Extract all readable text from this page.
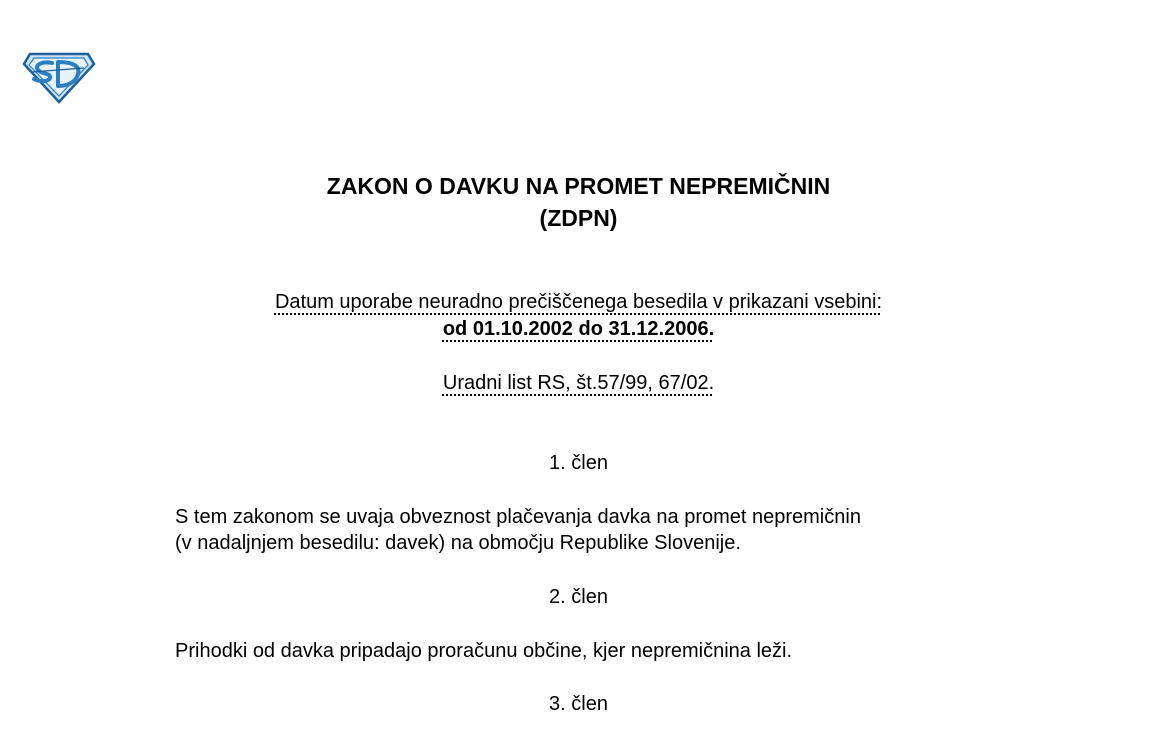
ZAKON O DAVKU NA PROMET NEPREMIČNIN
(ZDPN)
Datum uporabe neuradno prečiščenega besedila v prikazani vsebini:
od 01.10.2002 do 31.12.2006.
Uradni list RS, št.57/99, 67/02.
1. člen
S tem zakonom se uvaja obveznost plačevanja davka na promet nepremičnin
(v nadaljnjem besedilu: davek) na območju Republike Slovenije.
2. člen
Prihodki od davka pripadajo proračunu občine, kjer nepremičnina leži.
3. člen
